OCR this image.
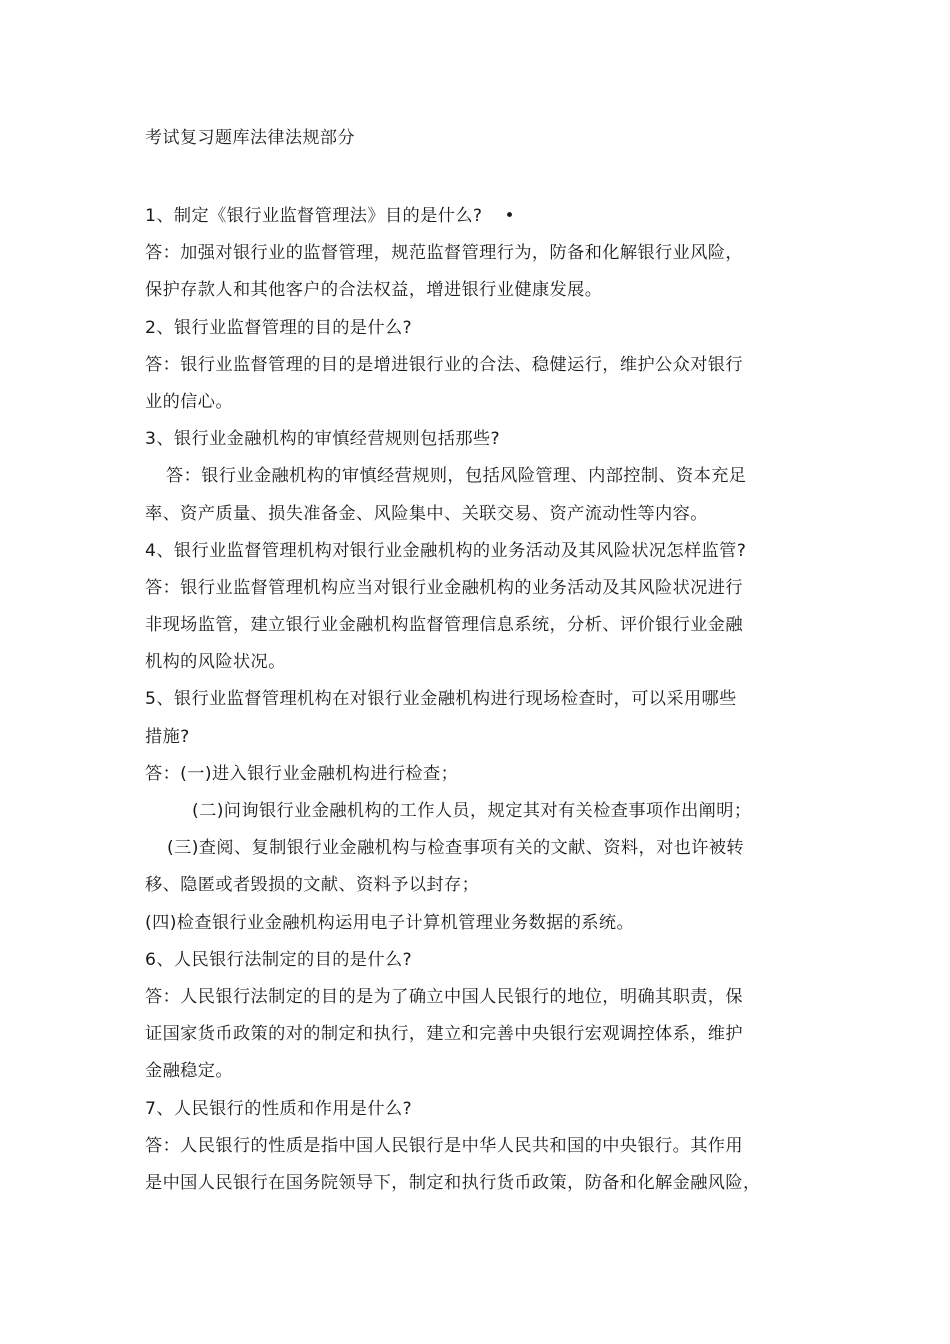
考试复习题库法律法规部分
1、制定《银行业监督管理法》目的是什么? •
答：加强对银行业的监督管理，规范监督管理行为，防备和化解银行业风险，
保护存款人和其他客户的合法权益，增进银行业健康发展。
2、银行业监督管理的目的是什么?
答：银行业监督管理的目的是增进银行业的合法、稳健运行，维护公众对银行
业的信心。
3、银行业金融机构的审慎经营规则包括那些?
答：银行业金融机构的审慎经营规则，包括风险管理、内部控制、资本充足
率、资产质量、损失准备金、风险集中、关联交易、资产流动性等内容。
4、银行业监督管理机构对银行业金融机构的业务活动及其风险状况怎样监管?
答：银行业监督管理机构应当对银行业金融机构的业务活动及其风险状况进行
非现场监管，建立银行业金融机构监督管理信息系统，分析、评价银行业金融
机构的风险状况。
5、银行业监督管理机构在对银行业金融机构进行现场检查时，可以采用哪些
措施?
答：(一)进入银行业金融机构进行检查；
(二)问询银行业金融机构的工作人员，规定其对有关检查事项作出阐明；
(三)查阅、复制银行业金融机构与检查事项有关的文献、资料，对也许被转
移、隐匿或者毁损的文献、资料予以封存；
(四)检查银行业金融机构运用电子计算机管理业务数据的系统。
6、人民银行法制定的目的是什么?
答：人民银行法制定的目的是为了确立中国人民银行的地位，明确其职责，保
证国家货币政策的对的制定和执行，建立和完善中央银行宏观调控体系，维护
金融稳定。
7、人民银行的性质和作用是什么?
答：人民银行的性质是指中国人民银行是中华人民共和国的中央银行。其作用
是中国人民银行在国务院领导下，制定和执行货币政策，防备和化解金融风险，
